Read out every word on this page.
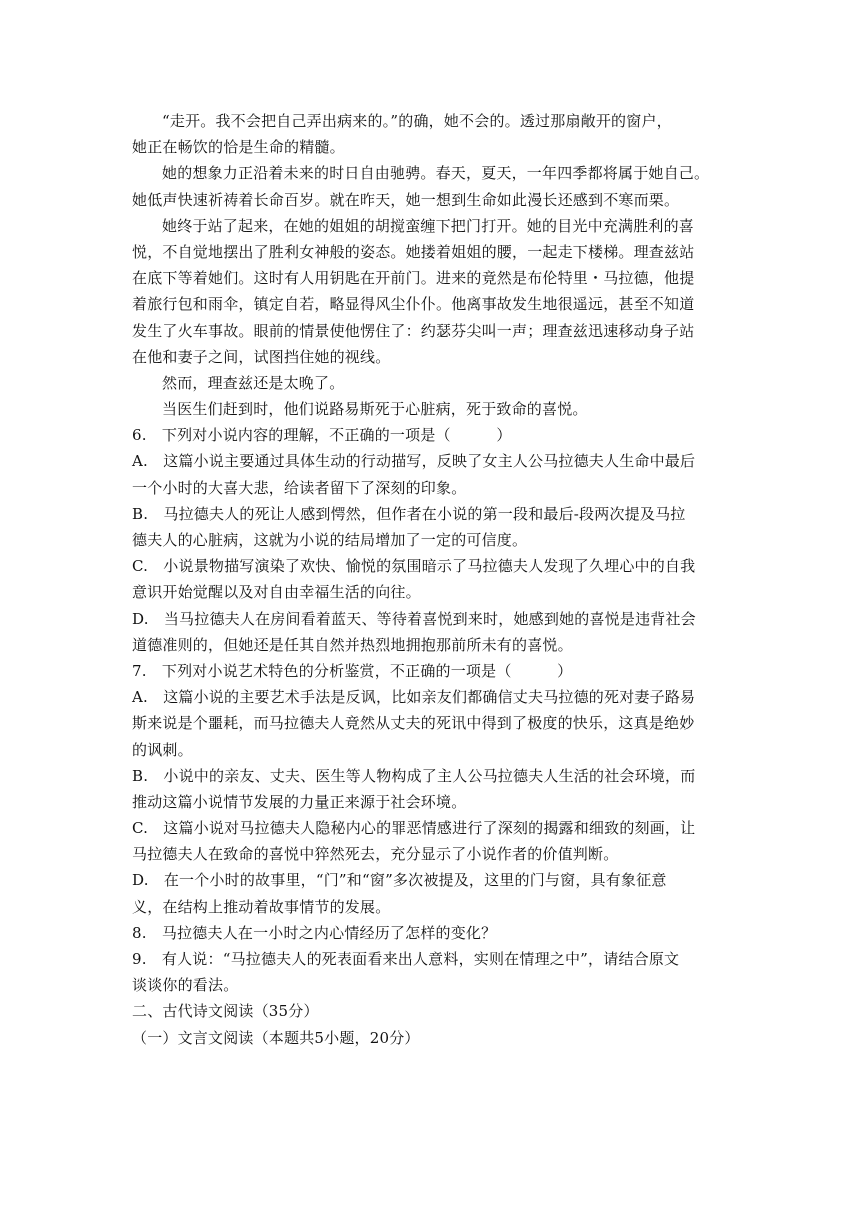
“走开。我不会把自己弄出病来的。”的确，她不会的。透过那扇敞开的窗户，
她正在畅饮的恰是生命的精髓。
她的想象力正沿着未来的时日自由驰骋。春天，夏天，一年四季都将属于她自己。
她低声快速祈祷着长命百岁。就在昨天，她一想到生命如此漫长还感到不寒而栗。
她终于站了起来，在她的姐姐的胡搅蛮缠下把门打开。她的目光中充满胜利的喜
悦，不自觉地摆出了胜利女神般的姿态。她搂着姐姐的腰，一起走下楼梯。理查兹站
在底下等着她们。这时有人用钥匙在开前门。进来的竟然是布伦特里・马拉德，他提
着旅行包和雨伞，镇定自若，略显得风尘仆仆。他离事故发生地很遥远，甚至不知道
发生了火车事故。眼前的情景使他愣住了：约瑟芬尖叫一声；理查兹迅速移动身子站
在他和妻子之间，试图挡住她的视线。
然而，理查兹还是太晚了。
当医生们赶到时，他们说路易斯死于心脏病，死于致命的喜悦。
6.　下列对小说内容的理解，不正确的一项是（　　　）
A.　这篇小说主要通过具体生动的行动描写，反映了女主人公马拉德夫人生命中最后
一个小时的大喜大悲，给读者留下了深刻的印象。
B.　马拉德夫人的死让人感到愕然，但作者在小说的第一段和最后-段两次提及马拉
德夫人的心脏病，这就为小说的结局增加了一定的可信度。
C.　小说景物描写演染了欢快、愉悦的氛围暗示了马拉德夫人发现了久埋心中的自我
意识开始觉醒以及对自由幸福生活的向往。
D.　当马拉德夫人在房间看着蓝天、等待着喜悦到来时，她感到她的喜悦是违背社会
道德准则的，但她还是任其自然并热烈地拥抱那前所未有的喜悦。
7.　下列对小说艺术特色的分析鉴赏，不正确的一项是（　　　）
A.　这篇小说的主要艺术手法是反讽，比如亲友们都确信丈夫马拉德的死对妻子路易
斯来说是个噩耗，而马拉德夫人竟然从丈夫的死讯中得到了极度的快乐，这真是绝妙
的讽刺。
B.　小说中的亲友、丈夫、医生等人物构成了主人公马拉德夫人生活的社会环境，而
推动这篇小说情节发展的力量正来源于社会环境。
C.　这篇小说对马拉德夫人隐秘内心的罪恶情感进行了深刻的揭露和细致的刻画，让
马拉德夫人在致命的喜悦中猝然死去，充分显示了小说作者的价值判断。
D.　在一个小时的故事里，“门”和“窗”多次被提及，这里的门与窗，具有象征意
义，在结构上推动着故事情节的发展。
8.　马拉德夫人在一小时之内心情经历了怎样的变化？
9.　有人说：“马拉德夫人的死表面看来出人意料，实则在情理之中”，请结合原文
谈谈你的看法。
二、古代诗文阅读（35分）
（一）文言文阅读（本题共5小题，20分）
